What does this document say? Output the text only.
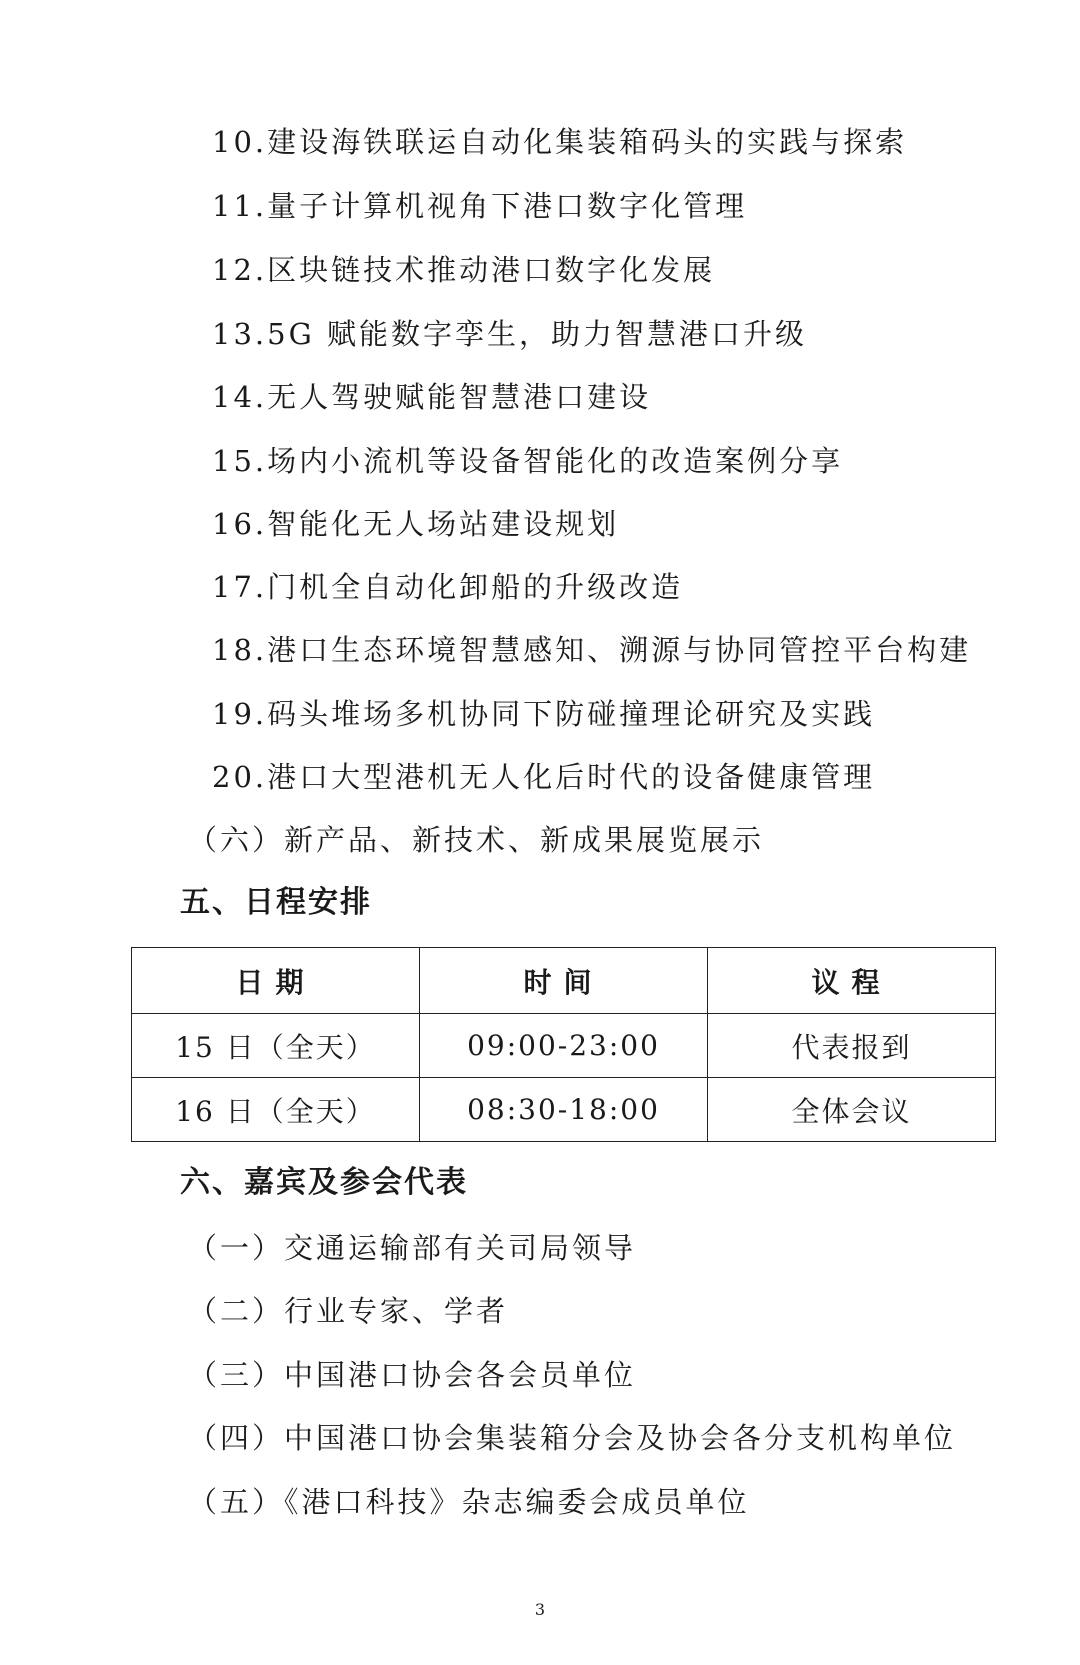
10.建设海铁联运自动化集装箱码头的实践与探索
11.量子计算机视角下港口数字化管理
12.区块链技术推动港口数字化发展
13.5G 赋能数字孪生，助力智慧港口升级
14.无人驾驶赋能智慧港口建设
15.场内小流机等设备智能化的改造案例分享
16.智能化无人场站建设规划
17.门机全自动化卸船的升级改造
18.港口生态环境智慧感知、溯源与协同管控平台构建
19.码头堆场多机协同下防碰撞理论研究及实践
20.港口大型港机无人化后时代的设备健康管理
（六）新产品、新技术、新成果展览展示
五、日程安排
日期	时间	议程
15 日（全天）	09:00-23:00	代表报到
16 日（全天）	08:30-18:00	全体会议
六、嘉宾及参会代表
（一）交通运输部有关司局领导
（二）行业专家、学者
（三）中国港口协会各会员单位
（四）中国港口协会集装箱分会及协会各分支机构单位
（五）《港口科技》杂志编委会成员单位
3
